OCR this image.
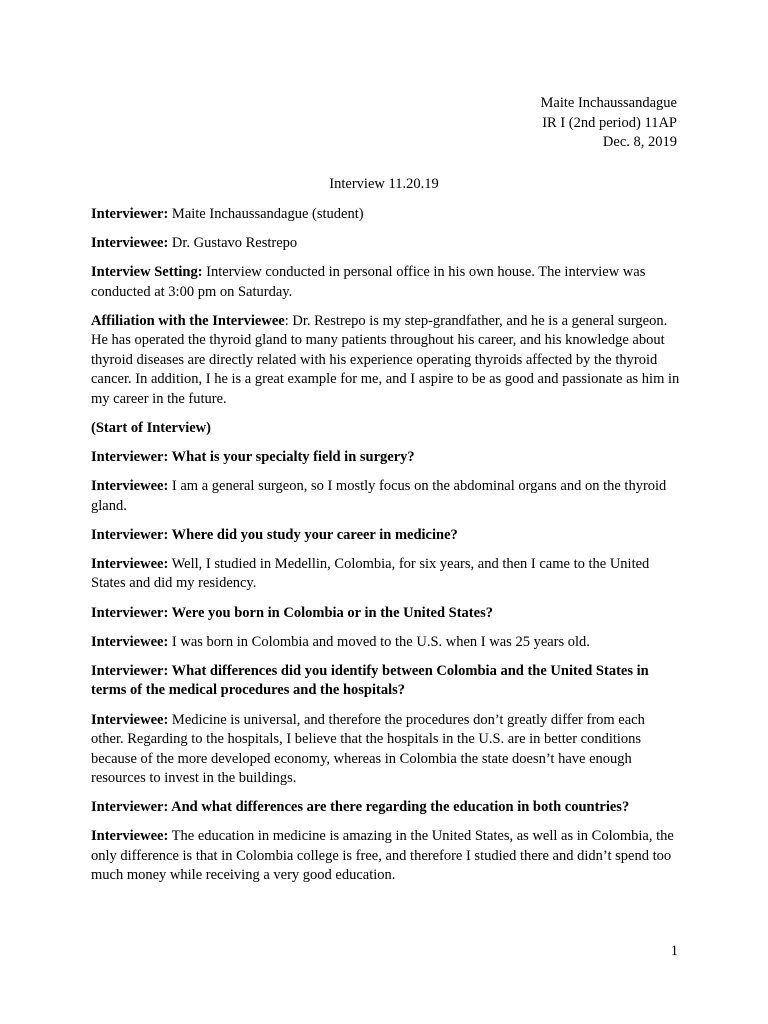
Maite Inchaussandague
IR I (2nd period) 11AP
Dec. 8, 2019
Interview 11.20.19

Interviewer: Maite Inchaussandague (student)

Interviewee: Dr. Gustavo Restrepo

Interview Setting: Interview conducted in personal office in his own house. The interview was conducted at 3:00 pm on Saturday.

Affiliation with the Interviewee: Dr. Restrepo is my step-grandfather, and he is a general surgeon. He has operated the thyroid gland to many patients throughout his career, and his knowledge about thyroid diseases are directly related with his experience operating thyroids affected by the thyroid cancer. In addition, I he is a great example for me, and I aspire to be as good and passionate as him in my career in the future.

(Start of Interview)

Interviewer: What is your specialty field in surgery?

Interviewee: I am a general surgeon, so I mostly focus on the abdominal organs and on the thyroid gland.

Interviewer: Where did you study your career in medicine?

Interviewee: Well, I studied in Medellin, Colombia, for six years, and then I came to the United States and did my residency.

Interviewer: Were you born in Colombia or in the United States?

Interviewee: I was born in Colombia and moved to the U.S. when I was 25 years old.

Interviewer: What differences did you identify between Colombia and the United States in terms of the medical procedures and the hospitals?

Interviewee: Medicine is universal, and therefore the procedures don’t greatly differ from each other. Regarding to the hospitals, I believe that the hospitals in the U.S. are in better conditions because of the more developed economy, whereas in Colombia the state doesn’t have enough resources to invest in the buildings.

Interviewer: And what differences are there regarding the education in both countries?

Interviewee: The education in medicine is amazing in the United States, as well as in Colombia, the only difference is that in Colombia college is free, and therefore I studied there and didn’t spend too much money while receiving a very good education.

1
